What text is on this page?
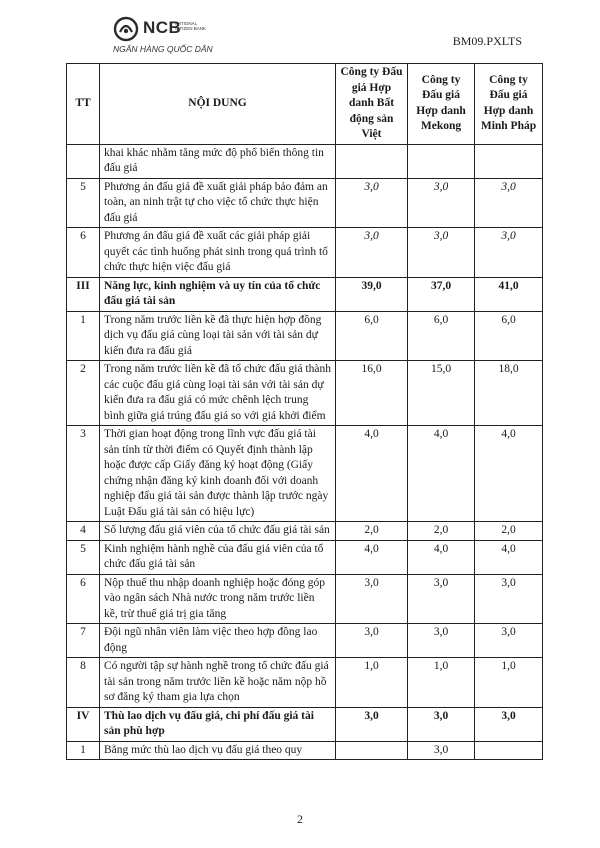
NCB
NATIONAL CITIZEN BANK
NGÂN HÀNG QUỐC DÂN
BM09.PXLTS
TT	NỘI DUNG	Công ty Đấu giá Hợp danh Bất động sản Việt	Công ty Đấu giá Hợp danh Mekong	Công ty Đấu giá Hợp danh Minh Pháp
	khai khác nhằm tăng mức độ phổ biến thông tin đấu giá			
5	Phương án đấu giá đề xuất giải pháp bảo đảm an toàn, an ninh trật tự cho việc tổ chức thực hiện đấu giá	3,0	3,0	3,0
6	Phương án đấu giá đề xuất các giải pháp giải quyết các tình huống phát sinh trong quá trình tổ chức thực hiện việc đấu giá	3,0	3,0	3,0
III	Năng lực, kinh nghiệm và uy tín của tổ chức đấu giá tài sản	39,0	37,0	41,0
1	Trong năm trước liền kề đã thực hiện hợp đồng dịch vụ đấu giá cùng loại tài sản với tài sản dự kiến đưa ra đấu giá	6,0	6,0	6,0
2	Trong năm trước liền kề đã tổ chức đấu giá thành các cuộc đấu giá cùng loại tài sản với tài sản dự kiến đưa ra đấu giá có mức chênh lệch trung bình giữa giá trúng đấu giá so với giá khởi điểm	16,0	15,0	18,0
3	Thời gian hoạt động trong lĩnh vực đấu giá tài sản tính từ thời điểm có Quyết định thành lập hoặc được cấp Giấy đăng ký hoạt động (Giấy chứng nhận đăng ký kinh doanh đối với doanh nghiệp đấu giá tài sản được thành lập trước ngày Luật Đấu giá tài sản có hiệu lực)	4,0	4,0	4,0
4	Số lượng đấu giá viên của tổ chức đấu giá tài sản	2,0	2,0	2,0
5	Kinh nghiệm hành nghề của đấu giá viên của tổ chức đấu giá tài sản	4,0	4,0	4,0
6	Nộp thuế thu nhập doanh nghiệp hoặc đóng góp vào ngân sách Nhà nước trong năm trước liền kề, trừ thuế giá trị gia tăng	3,0	3,0	3,0
7	Đội ngũ nhân viên làm việc theo hợp đồng lao động	3,0	3,0	3,0
8	Có người tập sự hành nghề trong tổ chức đấu giá tài sản trong năm trước liền kề hoặc năm nộp hồ sơ đăng ký tham gia lựa chọn	1,0	1,0	1,0
IV	Thù lao dịch vụ đấu giá, chi phí đấu giá tài sản phù hợp	3,0	3,0	3,0
1	Bằng mức thù lao dịch vụ đấu giá theo quy		3,0	
2
